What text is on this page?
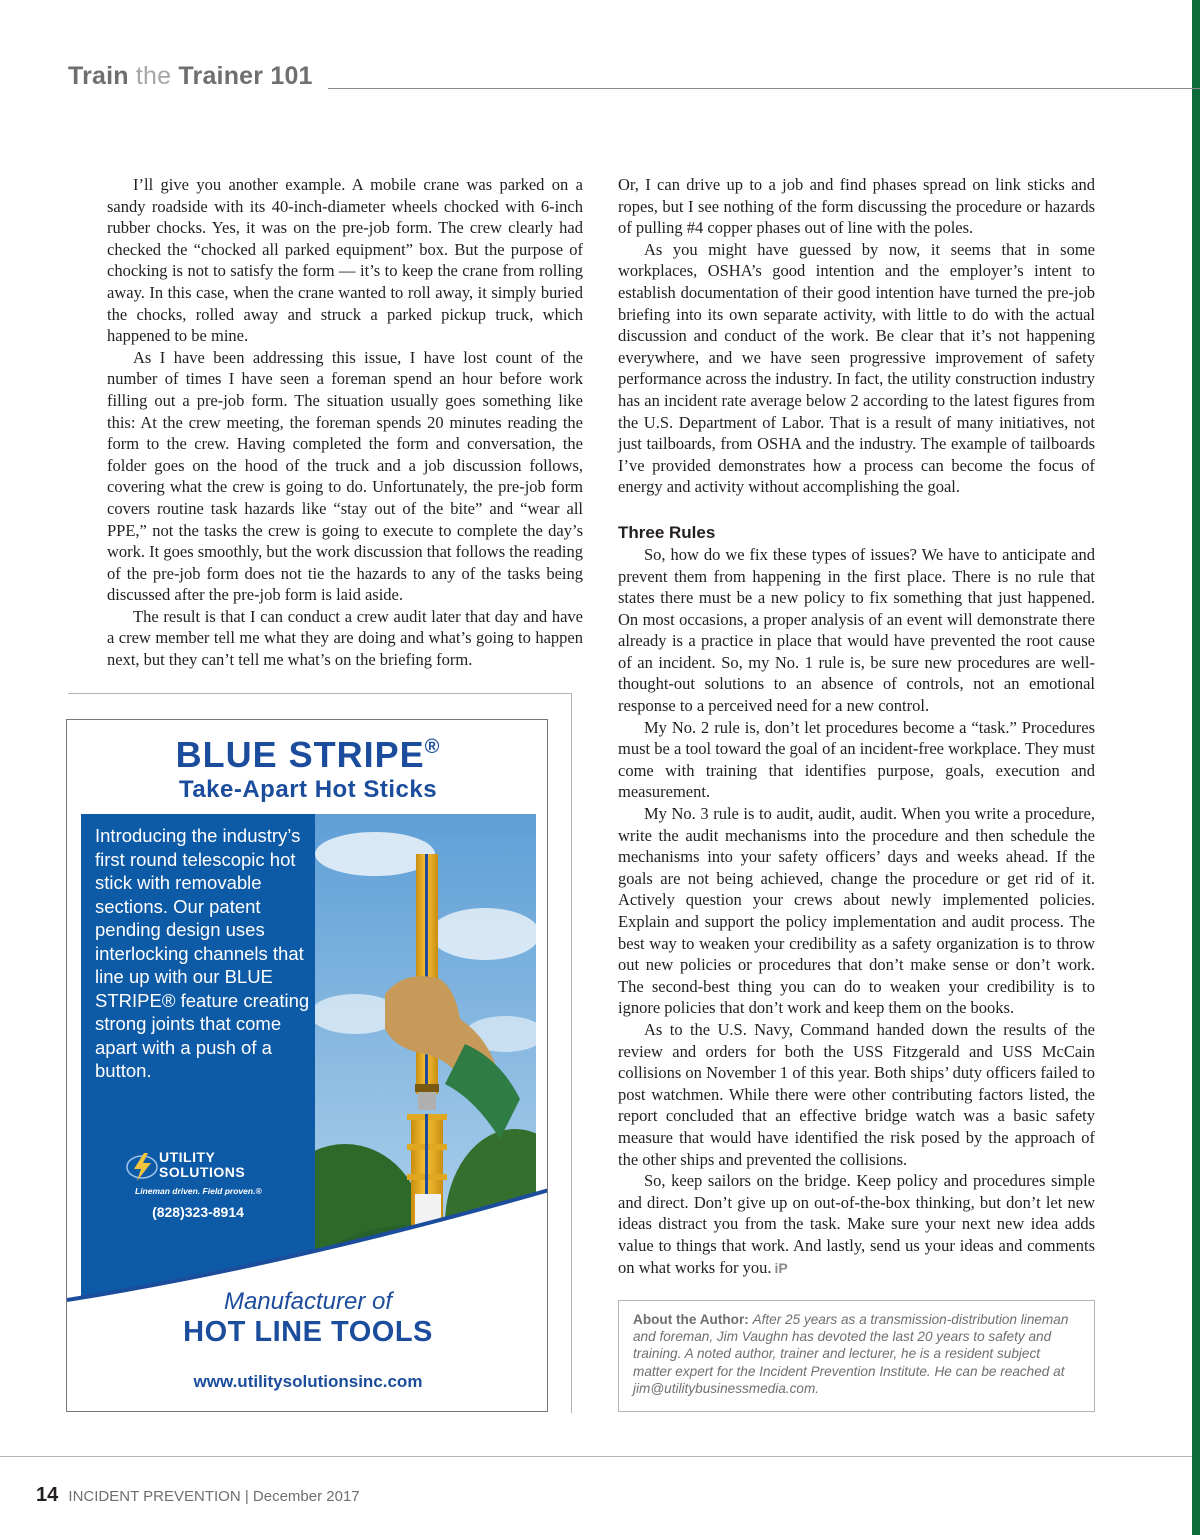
Train the Trainer 101

I’ll give you another example. A mobile crane was parked on a sandy roadside with its 40-inch-diameter wheels chocked with 6-inch rubber chocks. Yes, it was on the pre-job form. The crew clearly had checked the “chocked all parked equipment” box. But the purpose of chocking is not to satisfy the form — it’s to keep the crane from rolling away. In this case, when the crane wanted to roll away, it simply buried the chocks, rolled away and struck a parked pickup truck, which happened to be mine.

As I have been addressing this issue, I have lost count of the number of times I have seen a foreman spend an hour before work filling out a pre-job form. The situation usually goes something like this: At the crew meeting, the foreman spends 20 minutes reading the form to the crew. Having completed the form and conversation, the folder goes on the hood of the truck and a job discussion follows, covering what the crew is going to do. Unfortunately, the pre-job form covers routine task hazards like “stay out of the bite” and “wear all PPE,” not the tasks the crew is going to execute to complete the day’s work. It goes smoothly, but the work discussion that follows the reading of the pre-job form does not tie the hazards to any of the tasks being discussed after the pre-job form is laid aside.

The result is that I can conduct a crew audit later that day and have a crew member tell me what they are doing and what’s going to happen next, but they can’t tell me what’s on the briefing form.

Or, I can drive up to a job and find phases spread on link sticks and ropes, but I see nothing of the form discussing the procedure or hazards of pulling #4 copper phases out of line with the poles.

As you might have guessed by now, it seems that in some workplaces, OSHA’s good intention and the employer’s intent to establish documentation of their good intention have turned the pre-job briefing into its own separate activity, with little to do with the actual discussion and conduct of the work. Be clear that it’s not happening everywhere, and we have seen progressive improvement of safety performance across the industry. In fact, the utility construction industry has an incident rate average below 2 according to the latest figures from the U.S. Department of Labor. That is a result of many initiatives, not just tailboards, from OSHA and the industry. The example of tailboards I’ve provided demonstrates how a process can become the focus of energy and activity without accomplishing the goal.

Three Rules

So, how do we fix these types of issues? We have to anticipate and prevent them from happening in the first place. There is no rule that states there must be a new policy to fix something that just happened. On most occasions, a proper analysis of an event will demonstrate there already is a practice in place that would have prevented the root cause of an incident. So, my No. 1 rule is, be sure new procedures are well-thought-out solutions to an absence of controls, not an emotional response to a perceived need for a new control.

My No. 2 rule is, don’t let procedures become a “task.” Procedures must be a tool toward the goal of an incident-free workplace. They must come with training that identifies purpose, goals, execution and measurement.

My No. 3 rule is to audit, audit, audit. When you write a procedure, write the audit mechanisms into the procedure and then schedule the mechanisms into your safety officers’ days and weeks ahead. If the goals are not being achieved, change the procedure or get rid of it. Actively question your crews about newly implemented policies. Explain and support the policy implementation and audit process. The best way to weaken your credibility as a safety organization is to throw out new policies or procedures that don’t make sense or don’t work. The second-best thing you can do to weaken your credibility is to ignore policies that don’t work and keep them on the books.

As to the U.S. Navy, Command handed down the results of the review and orders for both the USS Fitzgerald and USS McCain collisions on November 1 of this year. Both ships’ duty officers failed to post watchmen. While there were other contributing factors listed, the report concluded that an effective bridge watch was a basic safety measure that would have identified the risk posed by the approach of the other ships and prevented the collisions.

So, keep sailors on the bridge. Keep policy and procedures simple and direct. Don’t give up on out-of-the-box thinking, but don’t let new ideas distract you from the task. Make sure your next new idea adds value to things that work. And lastly, send us your ideas and comments on what works for you. iP

BLUE STRIPE®
Take-Apart Hot Sticks
Introducing the industry’s first round telescopic hot stick with removable sections. Our patent pending design uses interlocking channels that line up with our BLUE STRIPE® feature creating strong joints that come apart with a push of a button.
UTILITY
SOLUTIONS
Lineman driven. Field proven.®
(828)323-8914
Manufacturer of
HOT LINE TOOLS
www.utilitysolutionsinc.com
About the Author: After 25 years as a transmission-distribution lineman and foreman, Jim Vaughn has devoted the last 20 years to safety and training. A noted author, trainer and lecturer, he is a resident subject matter expert for the Incident Prevention Institute. He can be reached at jim@utilitybusinessmedia.com.
14 INCIDENT PREVENTION | December 2017
